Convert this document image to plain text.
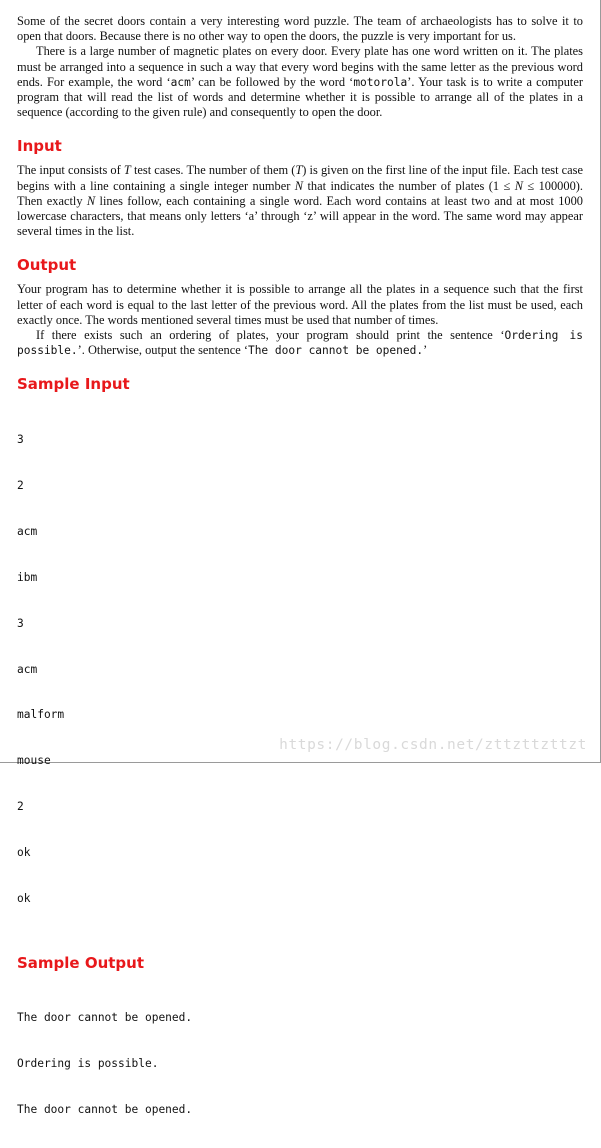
Some of the secret doors contain a very interesting word puzzle. The team of archaeologists has to solve it to open that doors. Because there is no other way to open the doors, the puzzle is very important for us.

There is a large number of magnetic plates on every door. Every plate has one word written on it. The plates must be arranged into a sequence in such a way that every word begins with the same letter as the previous word ends. For example, the word ‘acm’ can be followed by the word ‘motorola’. Your task is to write a computer program that will read the list of words and determine whether it is possible to arrange all of the plates in a sequence (according to the given rule) and consequently to open the door.

Input

The input consists of T test cases. The number of them (T) is given on the first line of the input file. Each test case begins with a line containing a single integer number N that indicates the number of plates (1 ≤ N ≤ 100000). Then exactly N lines follow, each containing a single word. Each word contains at least two and at most 1000 lowercase characters, that means only letters ‘a’ through ‘z’ will appear in the word. The same word may appear several times in the list.

Output

Your program has to determine whether it is possible to arrange all the plates in a sequence such that the first letter of each word is equal to the last letter of the previous word. All the plates from the list must be used, each exactly once. The words mentioned several times must be used that number of times.

If there exists such an ordering of plates, your program should print the sentence ‘Ordering is possible.’. Otherwise, output the sentence ‘The door cannot be opened.’

Sample Input

3

2

acm

ibm

3

acm

malform

mouse

2

ok

ok

Sample Output

The door cannot be opened.

Ordering is possible.

The door cannot be opened.

https://blog.csdn.net/zttzttzttzt
